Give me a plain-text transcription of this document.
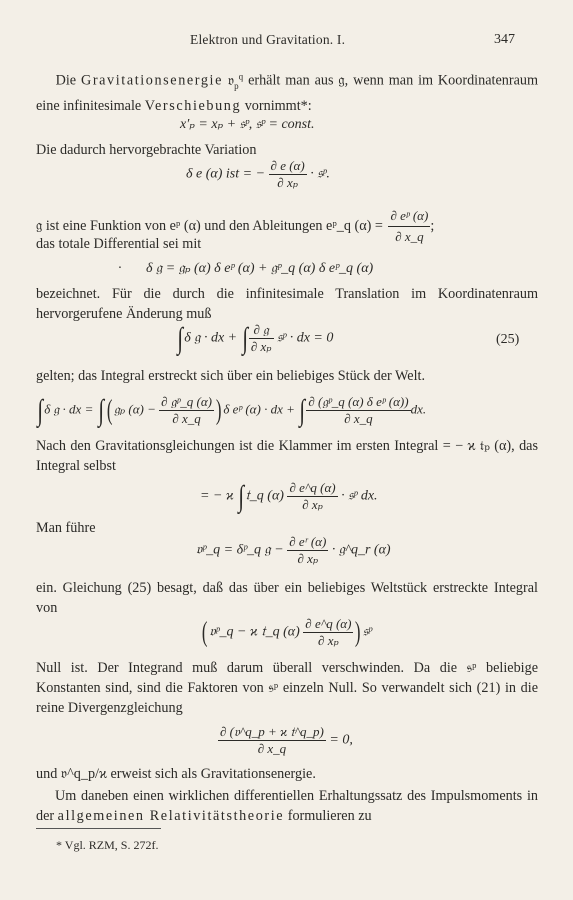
Elektron und Gravitation. I.	347
Die Gravitationsenergie 𝔳$_p^q$ erhält man aus 𝔤, wenn man im Koordinatenraum eine infinitesimale Verschiebung vornimmt*:
x′ₚ = xₚ + 𝔰ᵖ, 𝔰ᵖ = const.
Die dadurch hervorgebrachte Variation
δ e (α) ist = − $\frac{\partial e (\alpha)}{\text{∂ xₚ}}$ · 𝔰ᵖ.
𝔤 ist eine Funktion von eᵖ (α) und den Ableitungen eᵖ_q $(\alpha) = \frac{\text{∂ eᵖ (α)}}{\partial x\_q}$ ;
das totale Differential sei mit
· δ 𝔤 = 𝔤ₚ (α) δ eᵖ (α) + 𝔤ᵖ_q (α) δ eᵖ_q (α)
bezeichnet. Für die durch die infinitesimale Translation im Koordinatenraum hervorgerufene Änderung muß
∫δ 𝔤 · dx + ∫ $\frac{\text{∂ 𝔤}}{\text{∂ xₚ}}$ 𝔰ᵖ · dx = 0	(25)
gelten; das Integral erstreckt sich über ein beliebiges Stück der Welt.
∫δ 𝔤 · dx = ∫ ( 𝔤ₚ $(\alpha) - \frac{\text{∂ 𝔤ᵖ\_q (α)}}{\partial x\_q}$ ) δ eᵖ (α) · dx + ∫ $\frac{\text{∂ (𝔤ᵖ\_q (α) δ eᵖ (α))}}{\partial x\_q}$ dx.
Nach den Gravitationsgleichungen ist die Klammer im ersten Integral = − ϰ 𝔱ₚ (α), das Integral selbst
= − ϰ ∫𝔱_q $(\alpha) \frac{\partial e\^{}q (\alpha)}{\text{∂ xₚ}}$ · 𝔰ᵖ dx.
Man führe
𝔳ᵖ_q = δᵖ_q 𝔤 − $\frac{\text{∂ eʳ (α)}}{\text{∂ xₚ}}$ · 𝔤^q_r (α)
ein. Gleichung (25) besagt, daß das über ein beliebiges Weltstück erstreckte Integral von
( 𝔳ᵖ_q − ϰ 𝔱_q $(\alpha) \frac{\partial e\^{}q (\alpha)}{\text{∂ xₚ}}$ ) 𝔰ᵖ
Null ist. Der Integrand muß darum überall verschwinden. Da die 𝔰ᵖ beliebige Konstanten sind, sind die Faktoren von 𝔰ᵖ einzeln Null. So verwandelt sich (21) in die reine Divergenzgleichung
$\frac{\text{∂ (𝔳\textasciicircum{}q\_p + ϰ 𝔱\textasciicircum{}q\_p)}}{\partial x\_q} = 0$,
und 𝔳^q_p/ϰ erweist sich als Gravitationsenergie.
Um daneben einen wirklichen differentiellen Erhaltungssatz des Impulsmoments in der allgemeinen Relativitätstheorie formulieren zu
* Vgl. RZM, S. 272f.
